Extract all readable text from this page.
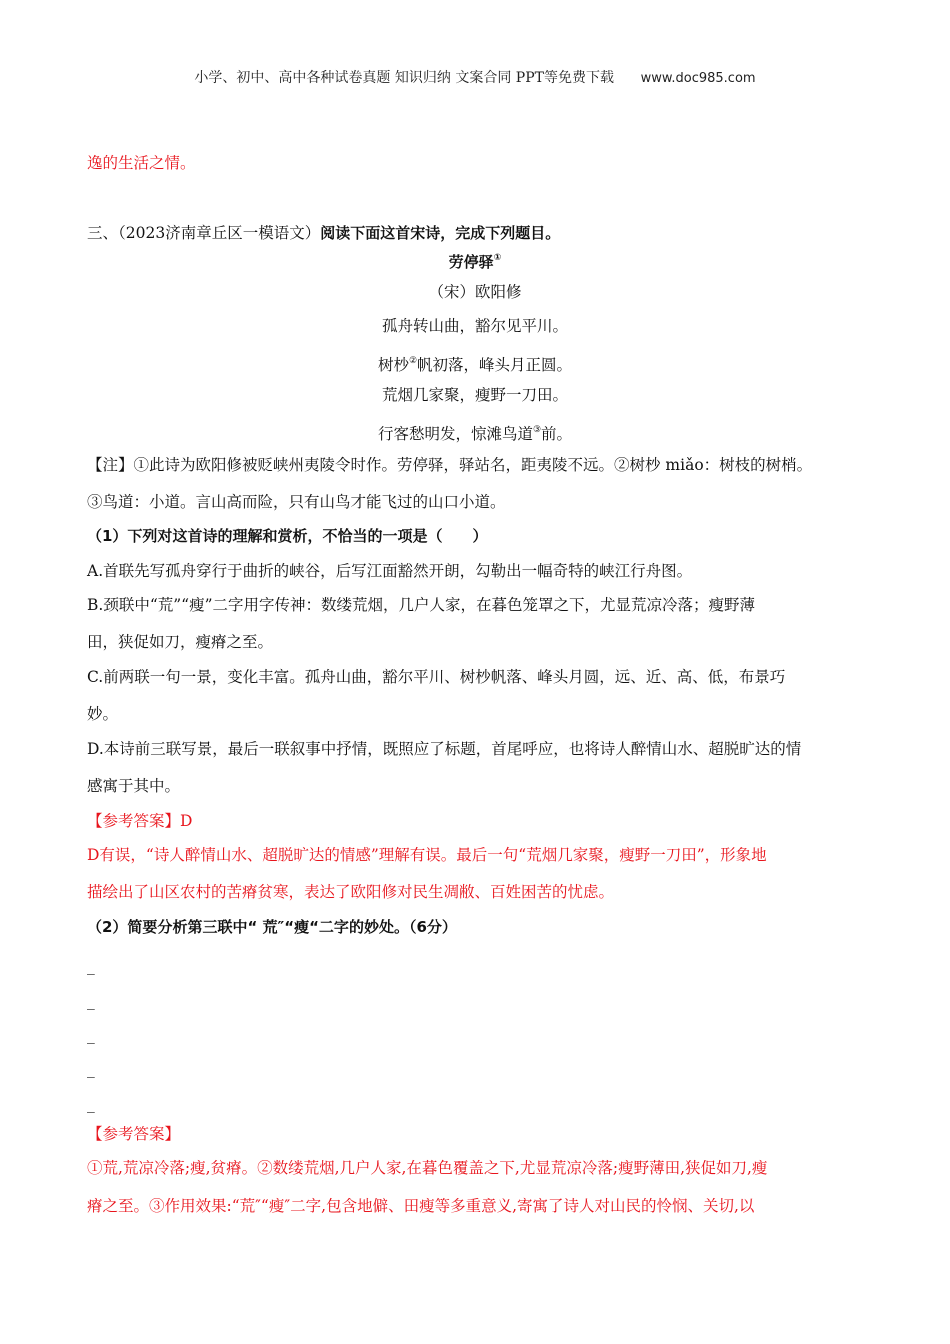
小学、初中、高中各种试卷真题 知识归纳 文案合同 PPT等免费下载 www.doc985.com
逸的生活之情。
三、（2023济南章丘区一模语文）阅读下面这首宋诗，完成下列题目。
劳停驿①
（宋）欧阳修
孤舟转山曲，豁尔见平川。
树杪②帆初落，峰头月正圆。
荒烟几家聚，瘦野一刀田。
行客愁明发，惊滩鸟道③前。
【注】①此诗为欧阳修被贬峡州夷陵令时作。劳停驿，驿站名，距夷陵不远。②树杪 miǎo：树枝的树梢。
③鸟道：小道。言山高而险，只有山鸟才能飞过的山口小道。
（1）下列对这首诗的理解和赏析，不恰当的一项是（　　）
A.首联先写孤舟穿行于曲折的峡谷，后写江面豁然开朗，勾勒出一幅奇特的峡江行舟图。
B.颈联中“荒”“瘦”二字用字传神：数缕荒烟，几户人家，在暮色笼罩之下，尤显荒凉冷落；瘦野薄
田，狭促如刀，瘦瘠之至。
C.前两联一句一景，变化丰富。孤舟山曲，豁尔平川、树杪帆落、峰头月圆，远、近、高、低，布景巧
妙。
D.本诗前三联写景，最后一联叙事中抒情，既照应了标题，首尾呼应，也将诗人醉情山水、超脱旷达的情
感寓于其中。
【参考答案】D
D有误，“诗人醉情山水、超脱旷达的情感”理解有误。最后一句“荒烟几家聚，瘦野一刀田”，形象地
描绘出了山区农村的苦瘠贫寒，表达了欧阳修对民生凋敝、百姓困苦的忧虑。
（2）简要分析第三联中“ 荒″“瘦“二字的妙处。（6分）
_
_
_
_
_
【参考答案】
①荒,荒凉冷落;瘦,贫瘠。②数缕荒烟,几户人家,在暮色覆盖之下,尤显荒凉冷落;瘦野薄田,狭促如刀,瘦
瘠之至。③作用效果:“荒″“瘦″二字,包含地僻、田瘦等多重意义,寄寓了诗人对山民的怜悯、关切,以
